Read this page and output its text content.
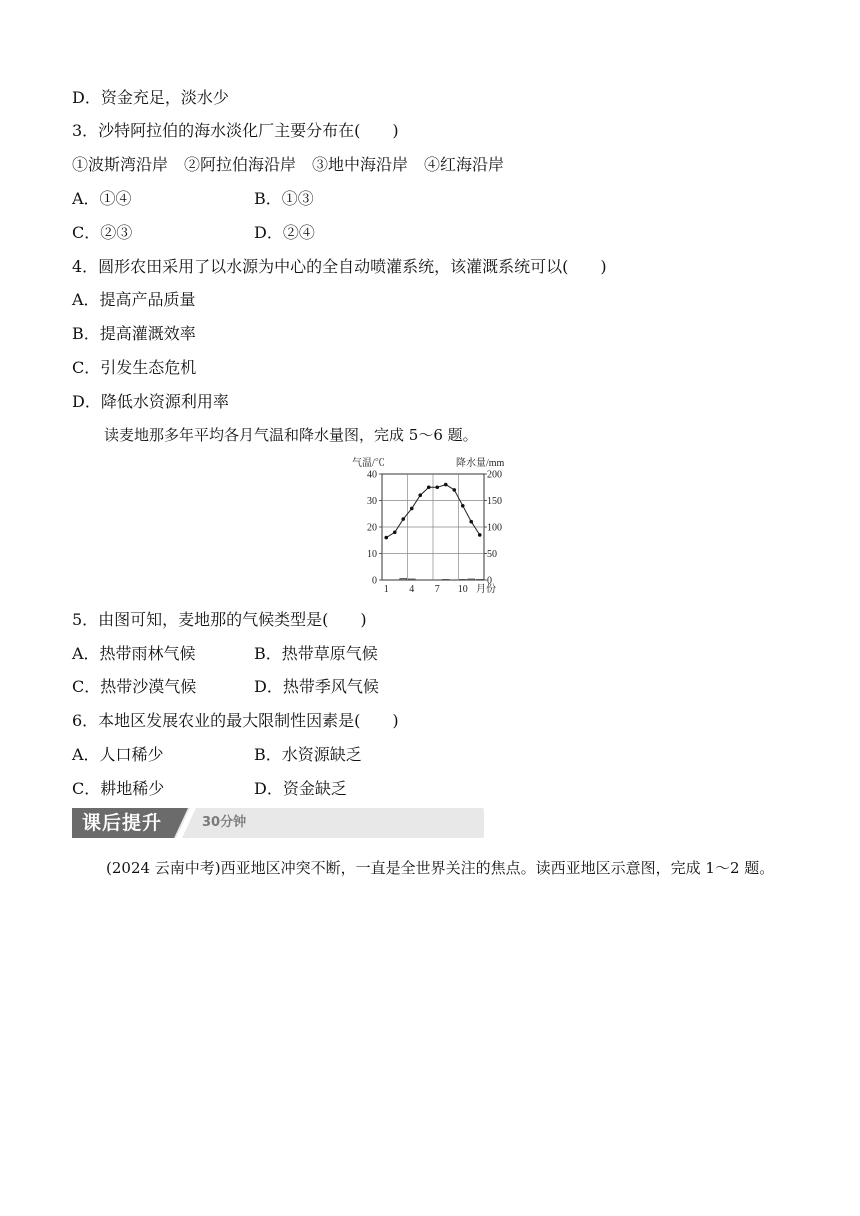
D．资金充足，淡水少
3．沙特阿拉伯的海水淡化厂主要分布在(　　)
①波斯湾沿岸　②阿拉伯海沿岸　③地中海沿岸　④红海沿岸
A．①④	B．①③
C．②③	D．②④
4．圆形农田采用了以水源为中心的全自动喷灌系统，该灌溉系统可以(　　)
A．提高产品质量
B．提高灌溉效率
C．引发生态危机
D．降低水资源利用率
读麦地那多年平均各月气温和降水量图，完成 5～6 题。
气温/℃	降水量/mm
0
10
20
30
40
0
50
100
150
200
1 4 7 10 月份
5．由图可知，麦地那的气候类型是(　　)
A．热带雨林气候	B．热带草原气候
C．热带沙漠气候	D．热带季风气候
6．本地区发展农业的最大限制性因素是(　　)
A．人口稀少	B．水资源缺乏
C．耕地稀少	D．资金缺乏
课后提升	30分钟
(2024 云南中考)西亚地区冲突不断，一直是全世界关注的焦点。读西亚地区示意图，完成 1～2 题。
